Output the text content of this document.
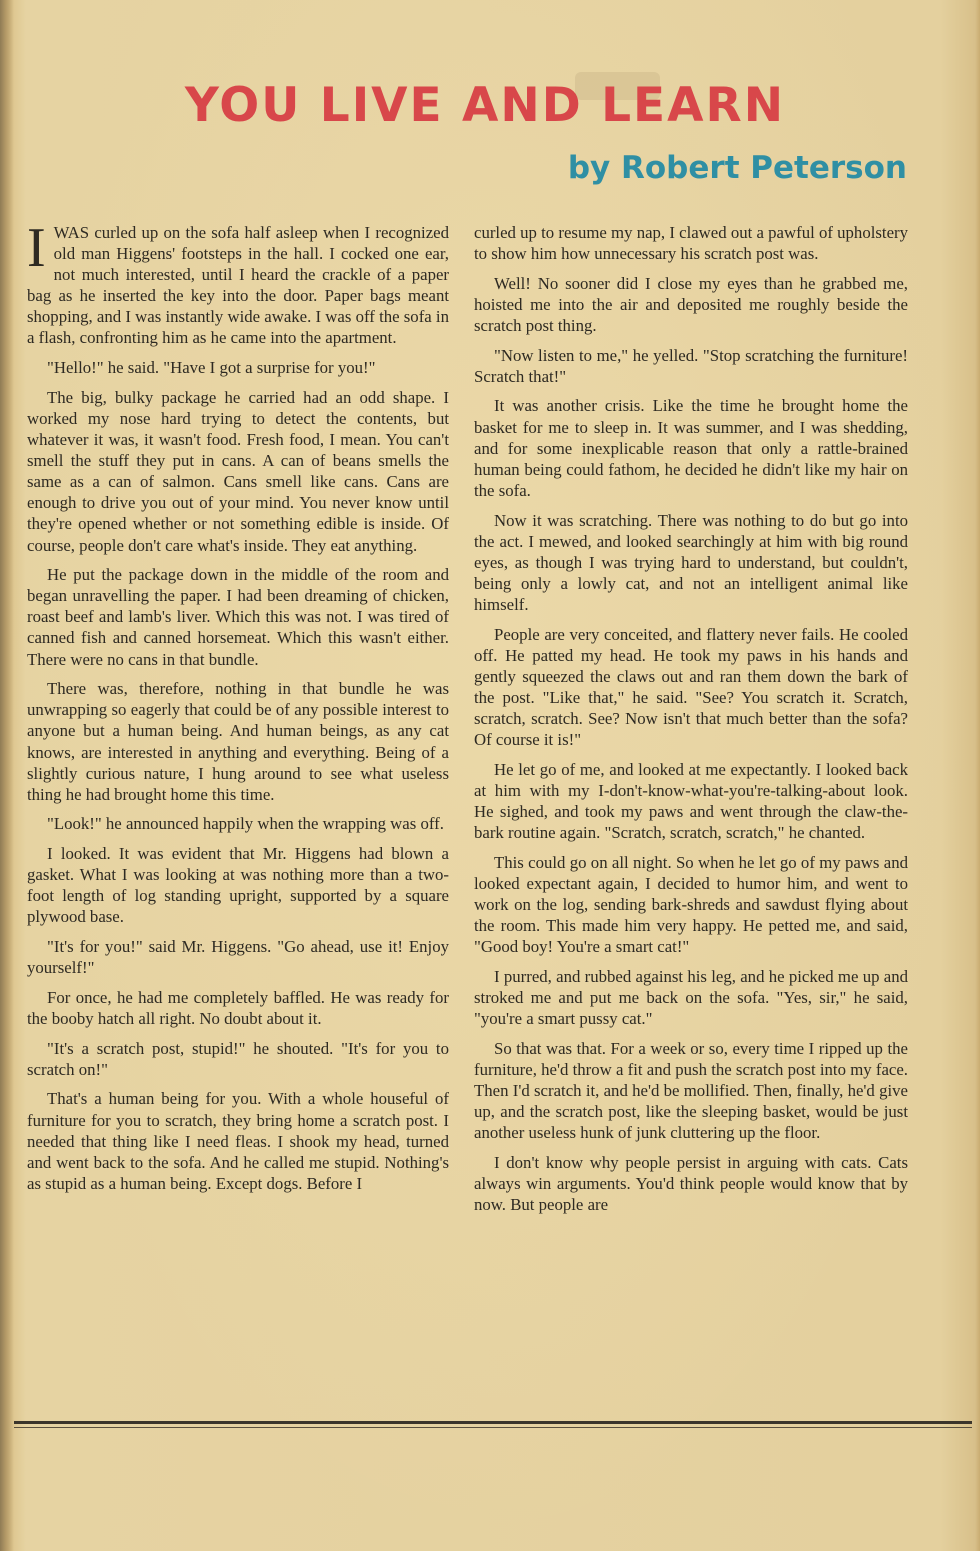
YOU LIVE AND LEARN
by Robert Peterson

IWAS curled up on the sofa half asleep when I recognized old man Higgens' footsteps in the hall. I cocked one ear, not much interested, until I heard the crackle of a paper bag as he inserted the key into the door. Paper bags meant shopping, and I was instantly wide awake. I was off the sofa in a flash, confronting him as he came into the apartment.

"Hello!" he said. "Have I got a surprise for you!"

The big, bulky package he carried had an odd shape. I worked my nose hard trying to detect the contents, but whatever it was, it wasn't food. Fresh food, I mean. You can't smell the stuff they put in cans. A can of beans smells the same as a can of salmon. Cans smell like cans. Cans are enough to drive you out of your mind. You never know until they're opened whether or not something edible is inside. Of course, people don't care what's inside. They eat anything.

He put the package down in the middle of the room and began unravelling the paper. I had been dreaming of chicken, roast beef and lamb's liver. Which this was not. I was tired of canned fish and canned horsemeat. Which this wasn't either. There were no cans in that bundle.

There was, therefore, nothing in that bundle he was unwrapping so eagerly that could be of any possible interest to anyone but a human being. And human beings, as any cat knows, are interested in anything and everything. Being of a slightly curious nature, I hung around to see what useless thing he had brought home this time.

"Look!" he announced happily when the wrapping was off.

I looked. It was evident that Mr. Higgens had blown a gasket. What I was looking at was nothing more than a two-foot length of log standing upright, supported by a square plywood base.

"It's for you!" said Mr. Higgens. "Go ahead, use it! Enjoy yourself!"

For once, he had me completely baffled. He was ready for the booby hatch all right. No doubt about it.

"It's a scratch post, stupid!" he shouted. "It's for you to scratch on!"

That's a human being for you. With a whole houseful of furniture for you to scratch, they bring home a scratch post. I needed that thing like I need fleas. I shook my head, turned and went back to the sofa. And he called me stupid. Nothing's as stupid as a human being. Except dogs. Before I

curled up to resume my nap, I clawed out a pawful of upholstery to show him how unnecessary his scratch post was.

Well! No sooner did I close my eyes than he grabbed me, hoisted me into the air and deposited me roughly beside the scratch post thing.

"Now listen to me," he yelled. "Stop scratching the furniture! Scratch that!"

It was another crisis. Like the time he brought home the basket for me to sleep in. It was summer, and I was shedding, and for some inexplicable reason that only a rattle-brained human being could fathom, he decided he didn't like my hair on the sofa.

Now it was scratching. There was nothing to do but go into the act. I mewed, and looked searchingly at him with big round eyes, as though I was trying hard to understand, but couldn't, being only a lowly cat, and not an intelligent animal like himself.

People are very conceited, and flattery never fails. He cooled off. He patted my head. He took my paws in his hands and gently squeezed the claws out and ran them down the bark of the post. "Like that," he said. "See? You scratch it. Scratch, scratch, scratch. See? Now isn't that much better than the sofa? Of course it is!"

He let go of me, and looked at me expectantly. I looked back at him with my I-don't-know-what-you're-talking-about look. He sighed, and took my paws and went through the claw-the-bark routine again. "Scratch, scratch, scratch," he chanted.

This could go on all night. So when he let go of my paws and looked expectant again, I decided to humor him, and went to work on the log, sending bark-shreds and sawdust flying about the room. This made him very happy. He petted me, and said, "Good boy! You're a smart cat!"

I purred, and rubbed against his leg, and he picked me up and stroked me and put me back on the sofa. "Yes, sir," he said, "you're a smart pussy cat."

So that was that. For a week or so, every time I ripped up the furniture, he'd throw a fit and push the scratch post into my face. Then I'd scratch it, and he'd be mollified. Then, finally, he'd give up, and the scratch post, like the sleeping basket, would be just another useless hunk of junk cluttering up the floor.

I don't know why people persist in arguing with cats. Cats always win arguments. You'd think people would know that by now. But people are
